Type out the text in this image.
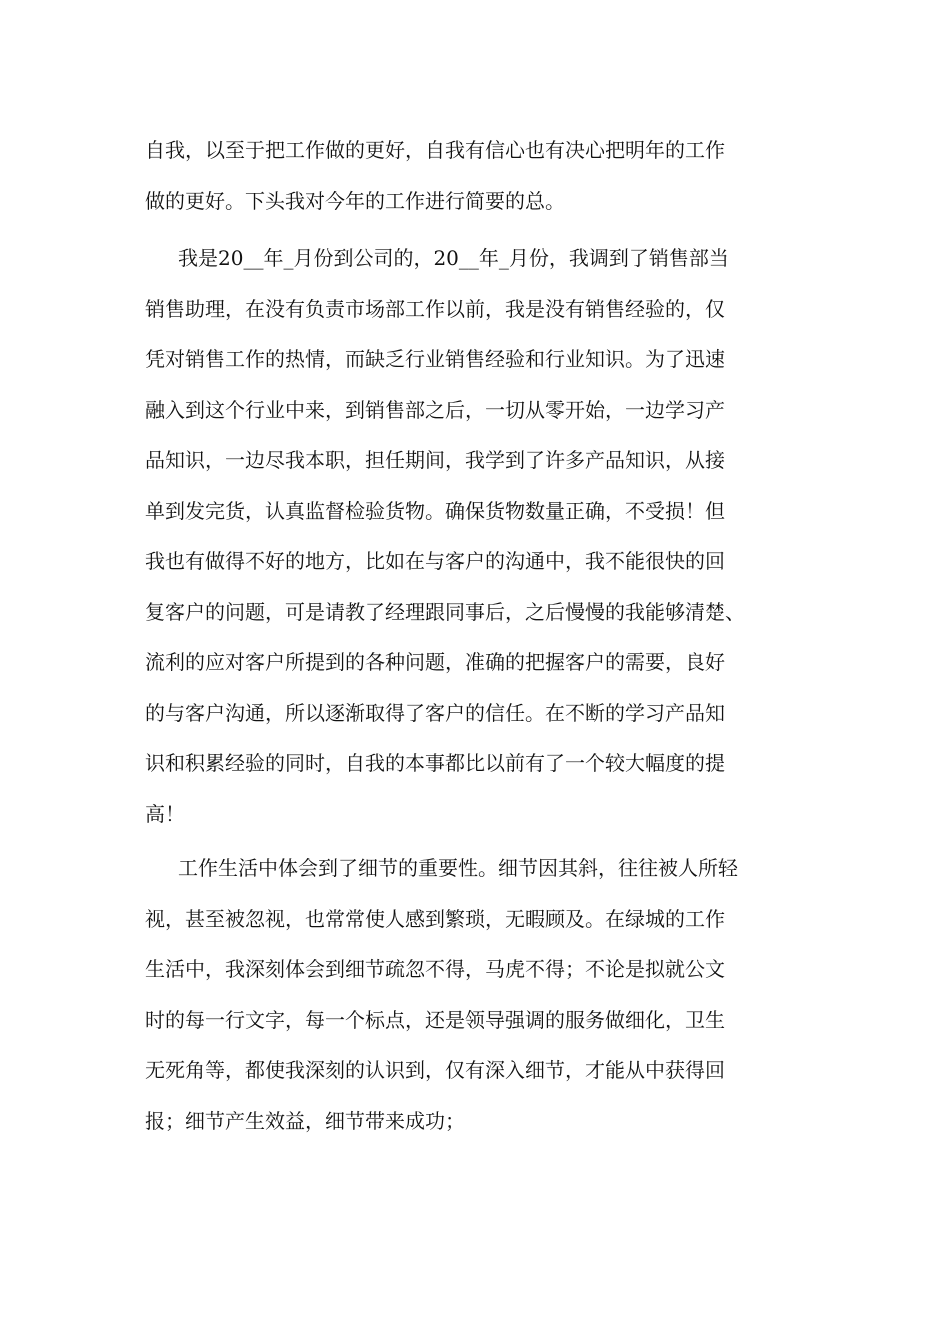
自我，以至于把工作做的更好，自我有信心也有决心把明年的工作
做的更好。下头我对今年的工作进行简要的总。
我是20__年_月份到公司的，20__年_月份，我调到了销售部当
销售助理，在没有负责市场部工作以前，我是没有销售经验的，仅
凭对销售工作的热情，而缺乏行业销售经验和行业知识。为了迅速
融入到这个行业中来，到销售部之后，一切从零开始，一边学习产
品知识，一边尽我本职，担任期间，我学到了许多产品知识，从接
单到发完货，认真监督检验货物。确保货物数量正确，不受损！但
我也有做得不好的地方，比如在与客户的沟通中，我不能很快的回
复客户的问题，可是请教了经理跟同事后，之后慢慢的我能够清楚、
流利的应对客户所提到的各种问题，准确的把握客户的需要，良好
的与客户沟通，所以逐渐取得了客户的信任。在不断的学习产品知
识和积累经验的同时，自我的本事都比以前有了一个较大幅度的提
高！
工作生活中体会到了细节的重要性。细节因其斜，往往被人所轻
视，甚至被忽视，也常常使人感到繁琐，无暇顾及。在绿城的工作
生活中，我深刻体会到细节疏忽不得，马虎不得；不论是拟就公文
时的每一行文字，每一个标点，还是领导强调的服务做细化，卫生
无死角等，都使我深刻的认识到，仅有深入细节，才能从中获得回
报；细节产生效益，细节带来成功；
